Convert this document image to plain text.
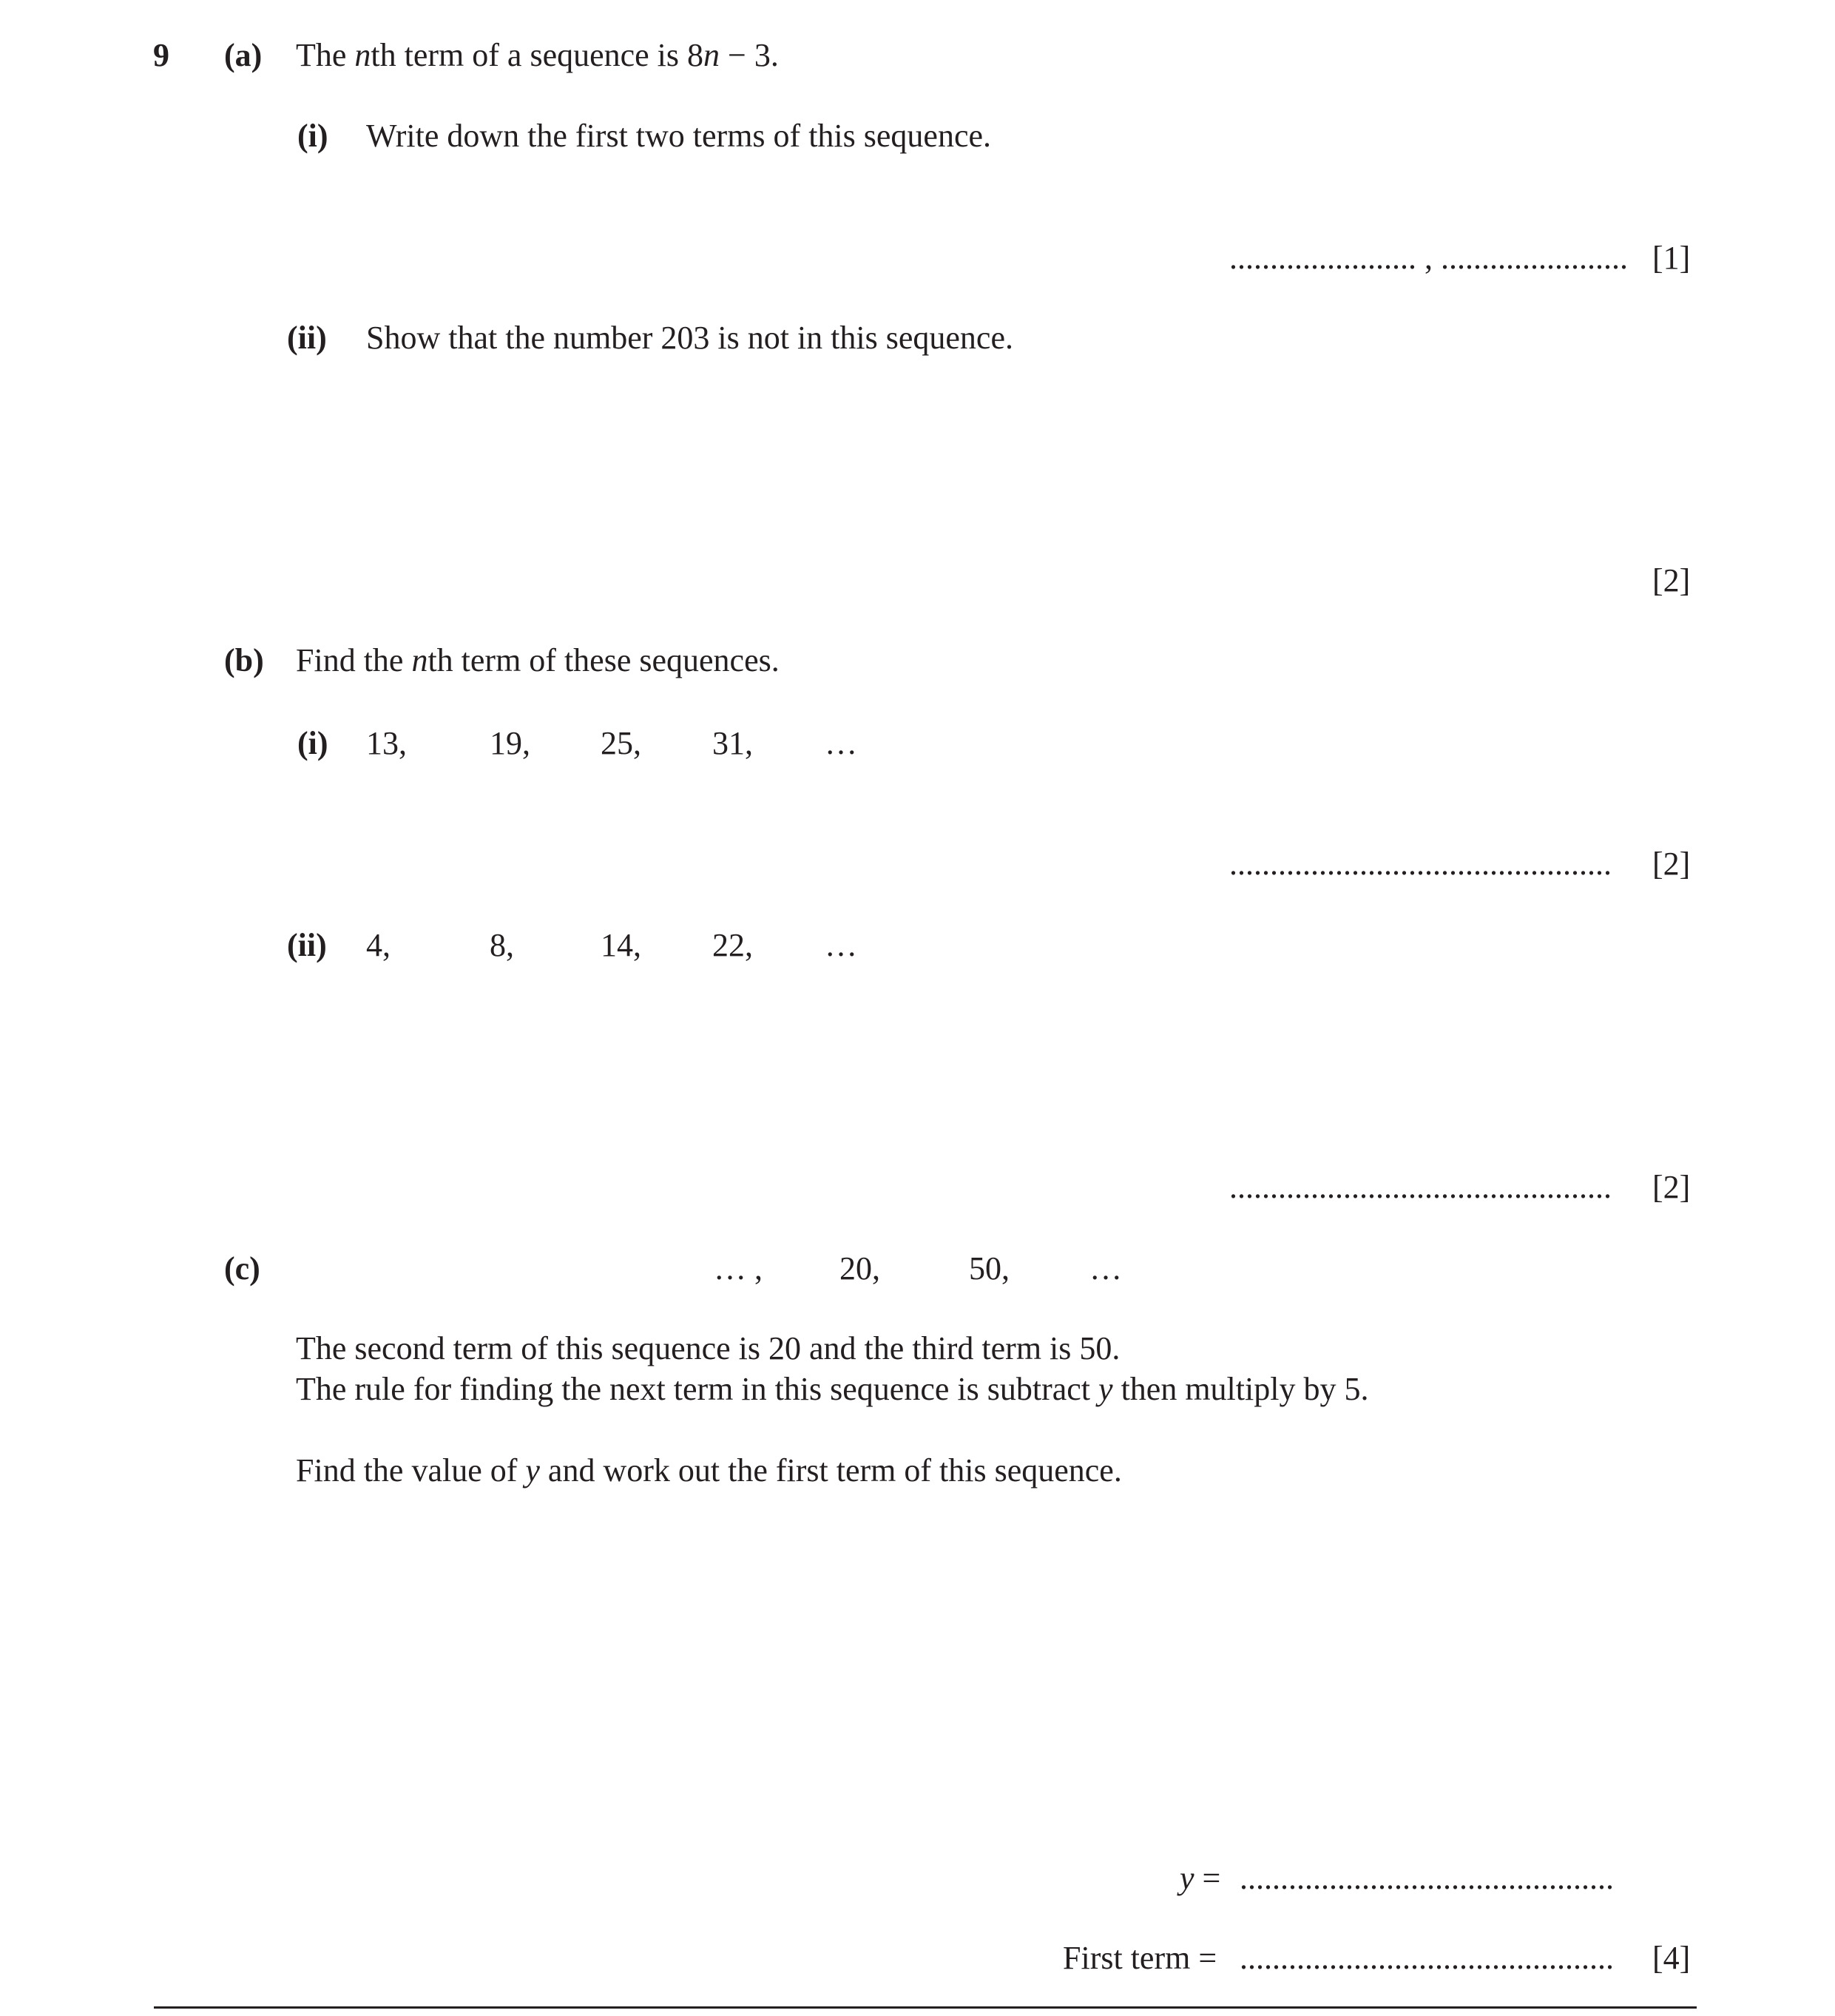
9 (a) The nth term of a sequence is 8n − 3.
(i) Write down the first two terms of this sequence.
....................... , ....................... [1]
(ii) Show that the number 203 is not in this sequence.
[2]
(b) Find the nth term of these sequences.
(i) 13,	19, 25, 31, …
............................................... [2]
(ii) 4,	8,	14, 22, …
............................................... [2]
(c)	… , 20,	50, …
The second term of this sequence is 20 and the third term is 50.
The rule for finding the next term in this sequence is subtract y then multiply by 5.
Find the value of y and work out the first term of this sequence.
y = ..............................................
First term = .............................................. [4]
